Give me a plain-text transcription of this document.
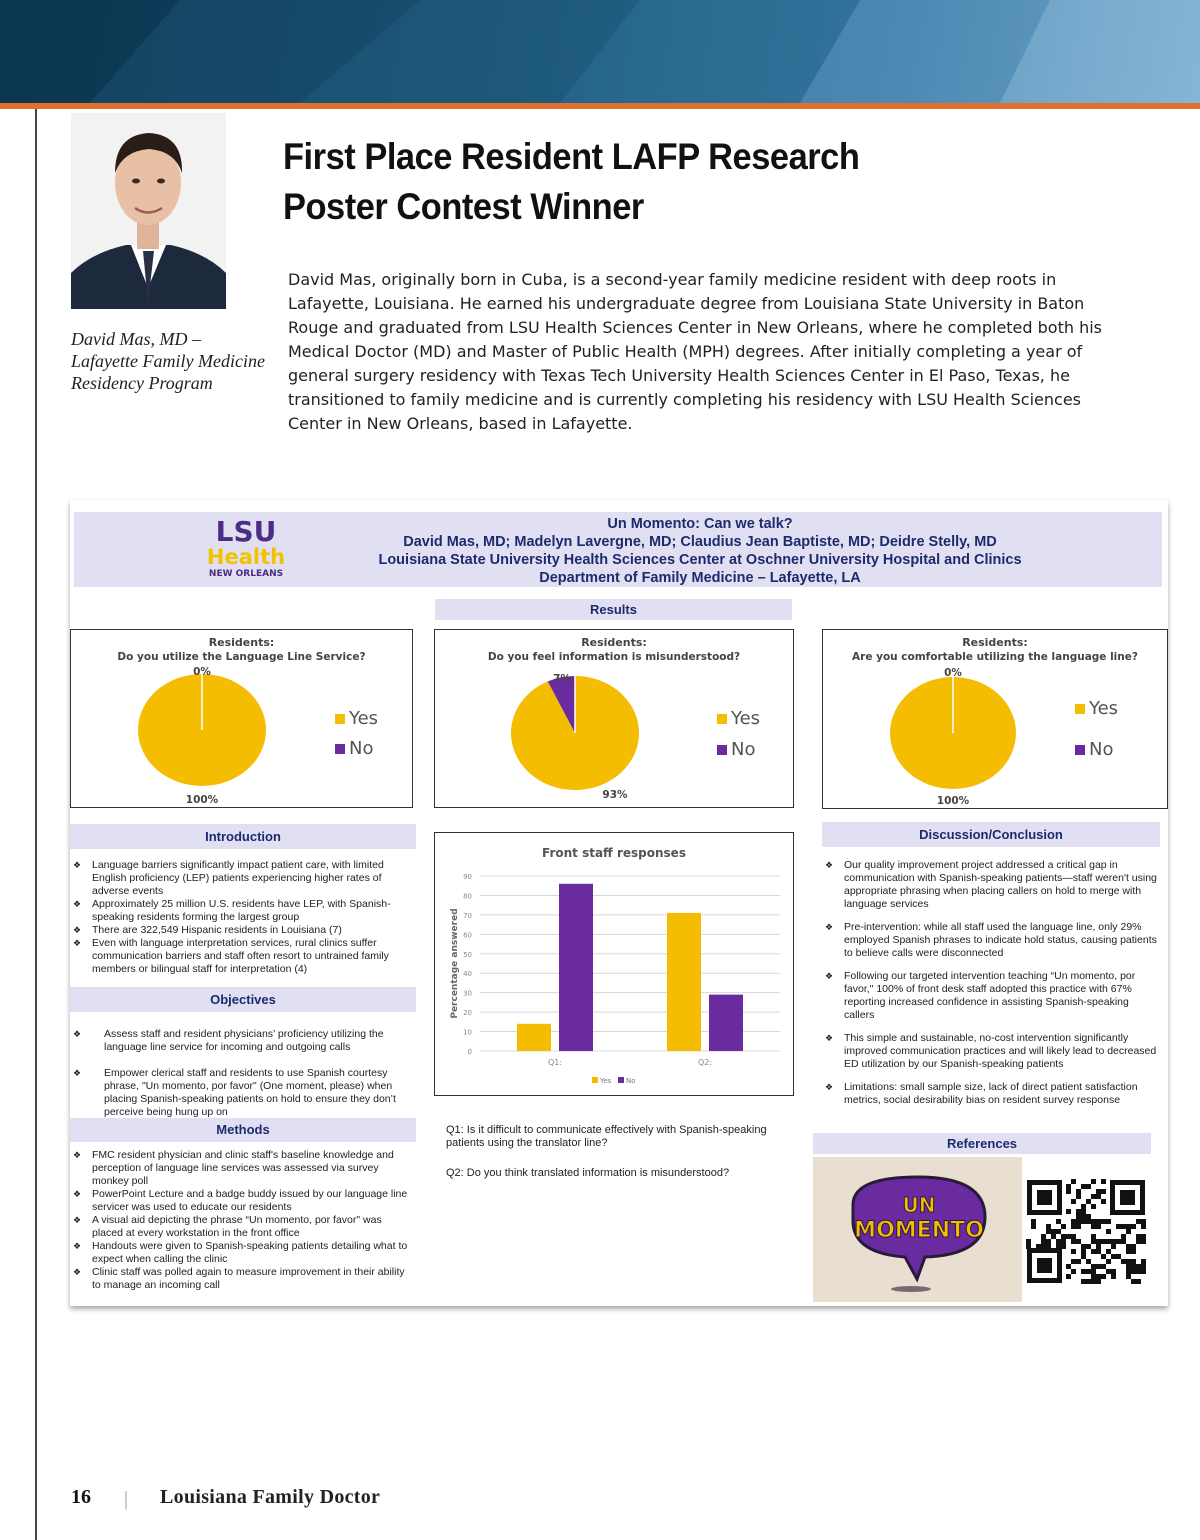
David Mas, MD –
Lafayette Family Medicine
Residency Program
First Place Resident LAFP Research
Poster Contest Winner
David Mas, originally born in Cuba, is a second-year family medicine resident with deep roots in Lafayette, Louisiana. He earned his undergraduate degree from Louisiana State University in Baton Rouge and graduated from LSU Health Sciences Center in New Orleans, where he completed both his Medical Doctor (MD) and Master of Public Health (MPH) degrees. After initially completing a year of general surgery residency with Texas Tech University Health Sciences Center in El Paso, Texas, he transitioned to family medicine and is currently completing his residency with LSU Health Sciences Center in New Orleans, based in Lafayette.
LSU
Health
NEW ORLEANS
Un Momento: Can we talk?
David Mas, MD; Madelyn Lavergne, MD; Claudius Jean Baptiste, MD; Deidre Stelly, MD
Louisiana State University Health Sciences Center at Oschner University Hospital and Clinics
Department of Family Medicine – Lafayette, LA
Results
Residents:
Do you utilize the Language Line Service?
100%
0%
Yes
No
Residents:
Do you feel information is misunderstood?
93%
7%
Yes
No
Residents:
Are you comfortable utilizing the language line?
100%
0%
Yes
No
Introduction
❖ Language barriers significantly impact patient care, with limited English proficiency (LEP) patients experiencing higher rates of adverse events
❖ Approximately 25 million U.S. residents have LEP, with Spanish-speaking residents forming the largest group
❖ There are 322,549 Hispanic residents in Louisiana (7)
❖ Even with language interpretation services, rural clinics suffer communication barriers and staff often resort to untrained family members or bilingual staff for interpretation (4)
Objectives
❖ Assess staff and resident physicians’ proficiency utilizing the language line service for incoming and outgoing calls
❖ Empower clerical staff and residents to use Spanish courtesy phrase, "Un momento, por favor" (One moment, please) when placing Spanish-speaking patients on hold to ensure they don’t perceive being hung up on
Methods
❖ FMC resident physician and clinic staff's baseline knowledge and perception of language line services was assessed via survey monkey poll
❖ PowerPoint Lecture and a badge buddy issued by our language line servicer was used to educate our residents
❖ A visual aid depicting the phrase “Un momento, por favor" was placed at every workstation in the front office
❖ Handouts were given to Spanish-speaking patients detailing what to expect when calling the clinic
❖ Clinic staff was polled again to measure improvement in their ability to manage an incoming call
Front staff responses
0
10
20
30
40
50
60
70
80
90
Percentage answered
Q1:	Q2:
Yes No
Q1: Is it difficult to communicate effectively with Spanish-speaking patients using the translator line?
Q2: Do you think translated information is misunderstood?
Discussion/Conclusion
❖ Our quality improvement project addressed a critical gap in communication with Spanish-speaking patients—staff weren't using appropriate phrasing when placing callers on hold to merge with language services
❖ Pre-intervention: while all staff used the language line, only 29% employed Spanish phrases to indicate hold status, causing patients to believe calls were disconnected
❖ Following our targeted intervention teaching “Un momento, por favor," 100% of front desk staff adopted this practice with 67% reporting increased confidence in assisting Spanish-speaking callers
❖ This simple and sustainable, no-cost intervention significantly improved communication practices and will likely lead to decreased ED utilization by our Spanish-speaking patients
❖ Limitations: small sample size, lack of direct patient satisfaction metrics, social desirability bias on resident survey response
References
UN
MOMENTO
16 | Louisiana Family Doctor
